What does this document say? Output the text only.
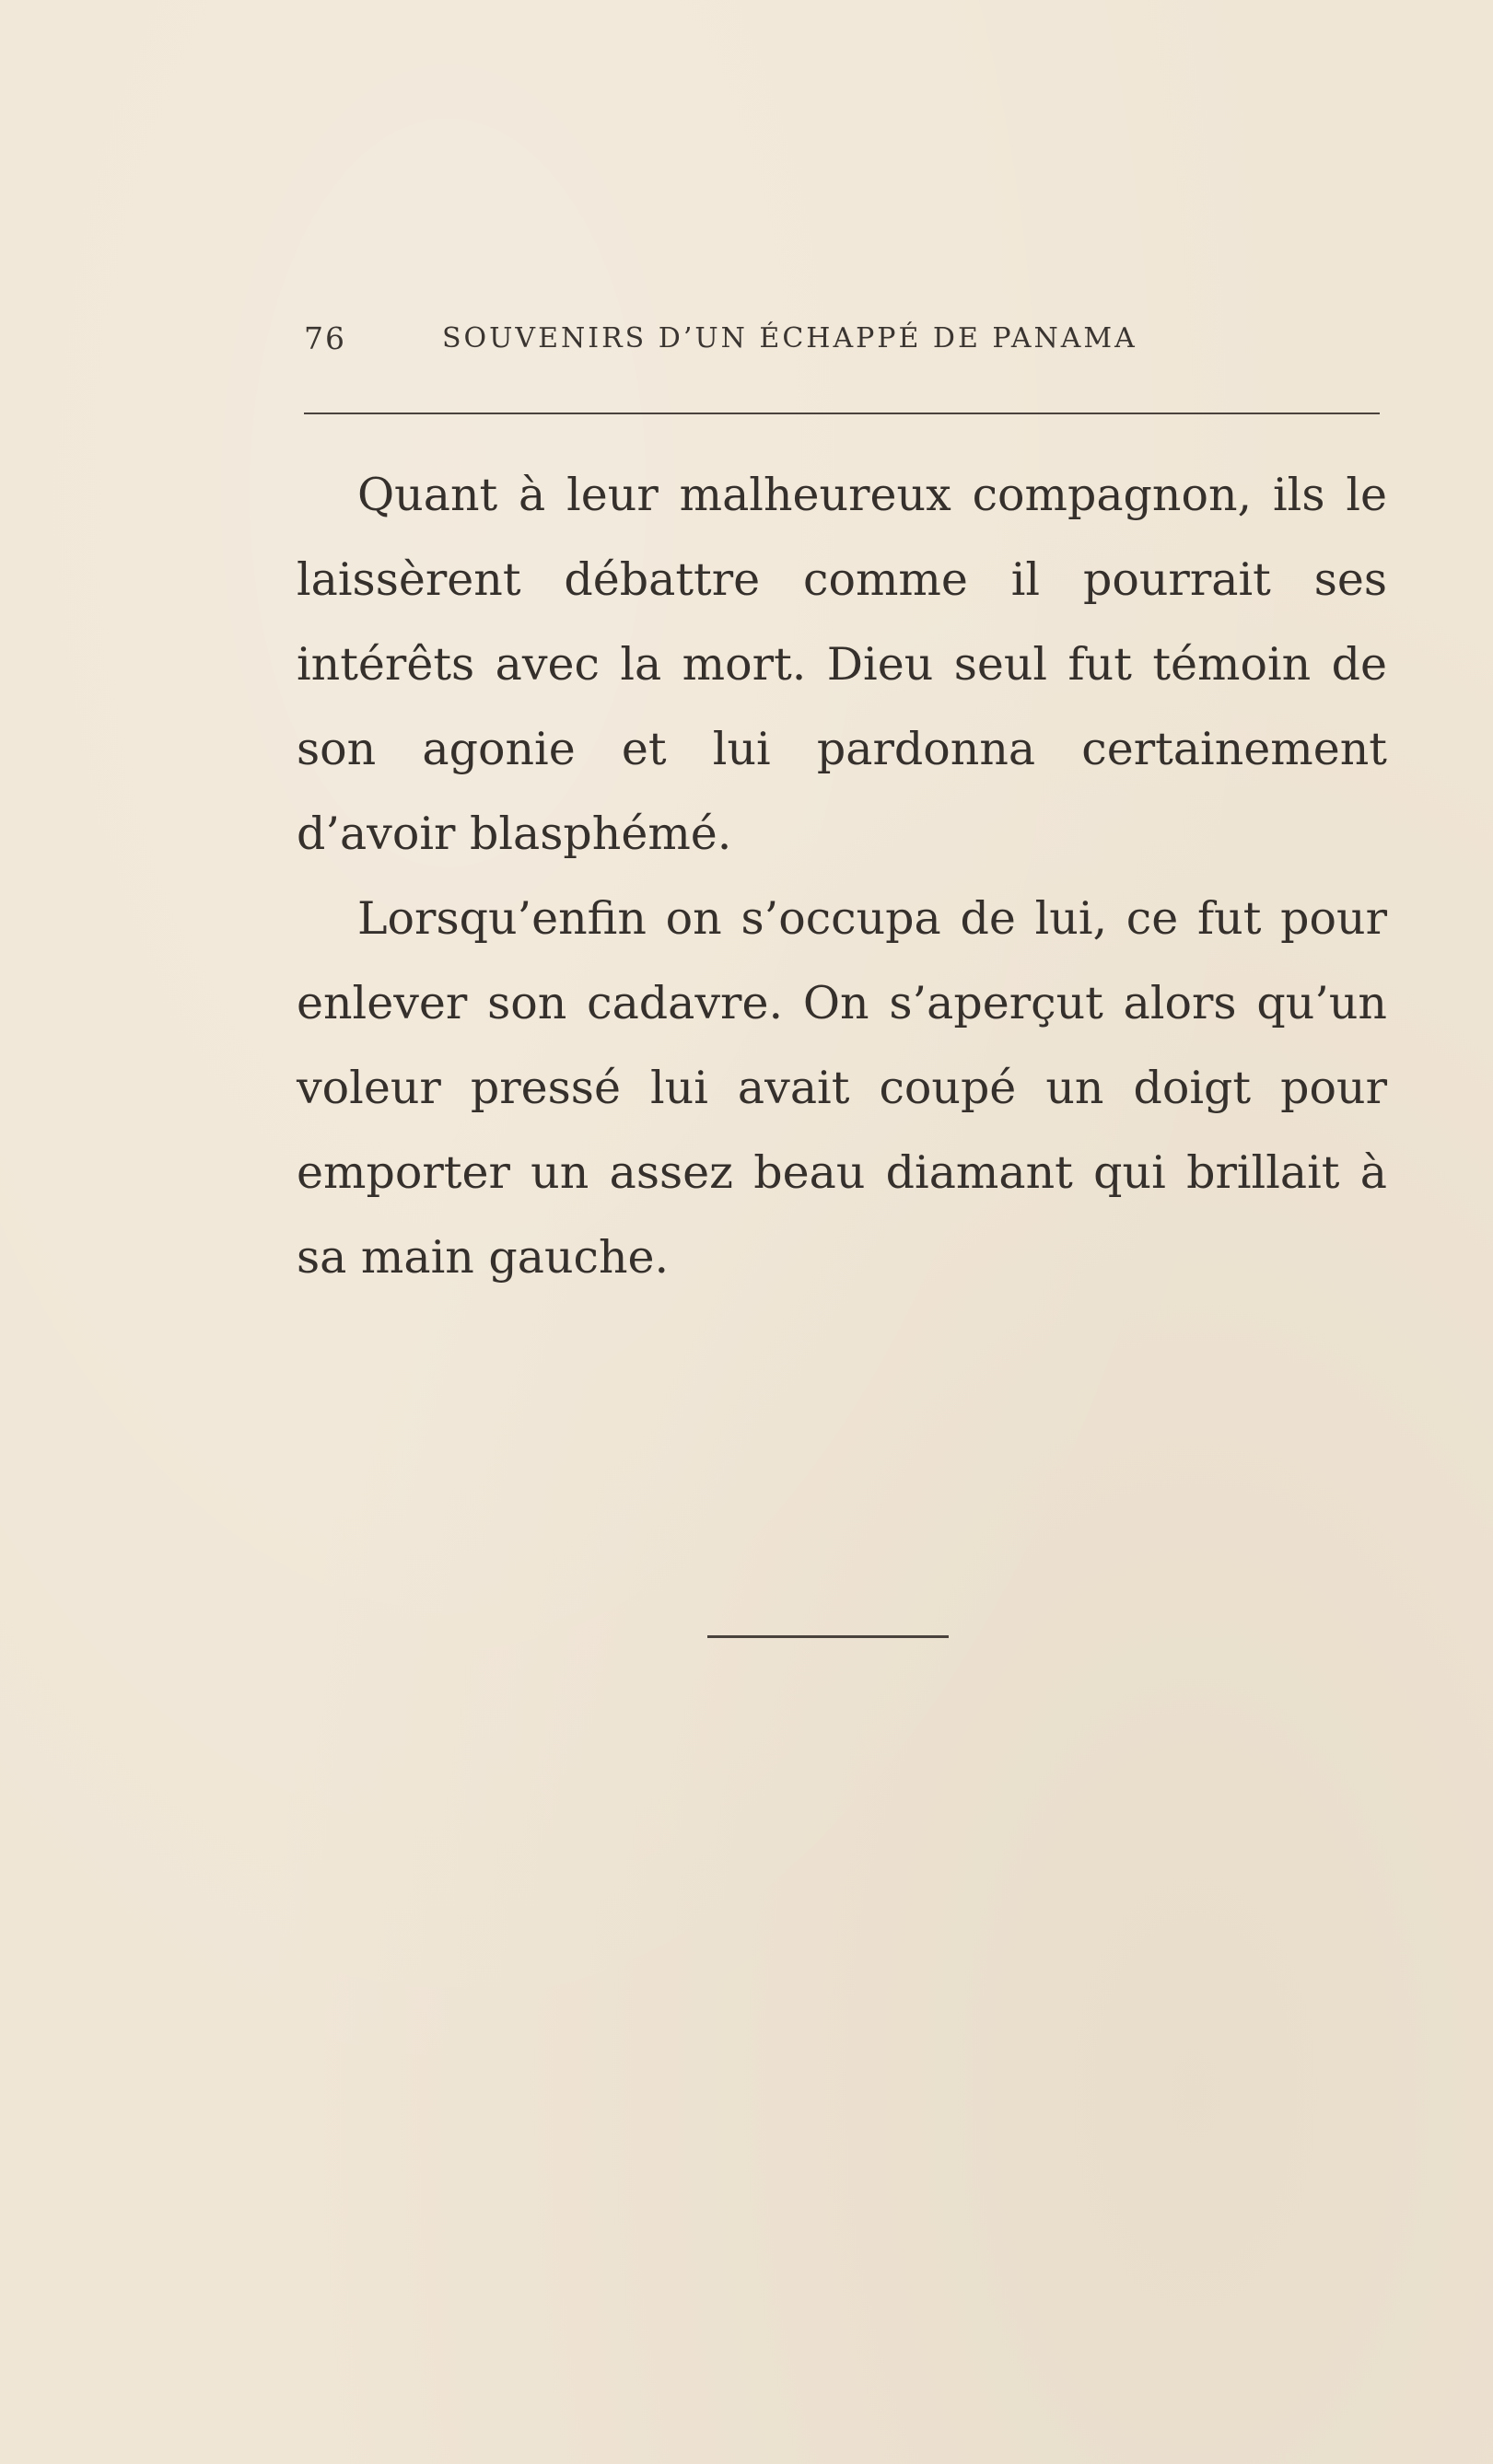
76	SOUVENIRS D’UN ÉCHAPPÉ DE PANAMA

Quant à leur malheureux compagnon, ils le laissèrent débattre comme il pourrait ses intérêts avec la mort. Dieu seul fut témoin de son agonie et lui pardonna certainement d’avoir blasphémé.

Lorsqu’enfin on s’occupa de lui, ce fut pour enlever son cadavre. On s’aperçut alors qu’un voleur pressé lui avait coupé un doigt pour emporter un assez beau diamant qui brillait à sa main gauche.
